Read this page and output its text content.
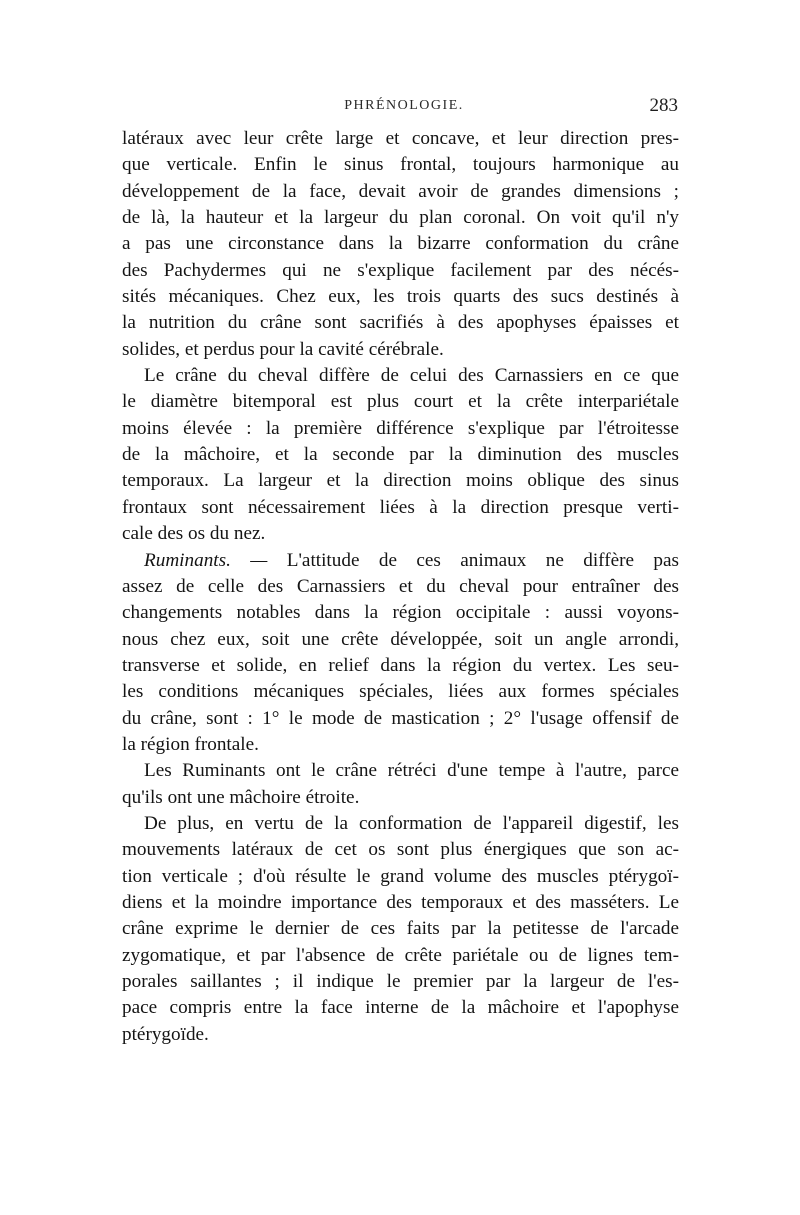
PHRÉNOLOGIE.	283
latéraux avec leur crête large et concave, et leur direction pres-
que verticale. Enfin le sinus frontal, toujours harmonique au
développement de la face, devait avoir de grandes dimensions ;
de là, la hauteur et la largeur du plan coronal. On voit qu'il n'y
a pas une circonstance dans la bizarre conformation du crâne
des Pachydermes qui ne s'explique facilement par des nécés-
sités mécaniques. Chez eux, les trois quarts des sucs destinés à
la nutrition du crâne sont sacrifiés à des apophyses épaisses et
solides, et perdus pour la cavité cérébrale.
Le crâne du cheval diffère de celui des Carnassiers en ce que
le diamètre bitemporal est plus court et la crête interpariétale
moins élevée : la première différence s'explique par l'étroitesse
de la mâchoire, et la seconde par la diminution des muscles
temporaux. La largeur et la direction moins oblique des sinus
frontaux sont nécessairement liées à la direction presque verti-
cale des os du nez.
Ruminants. — L'attitude de ces animaux ne diffère pas
assez de celle des Carnassiers et du cheval pour entraîner des
changements notables dans la région occipitale : aussi voyons-
nous chez eux, soit une crête développée, soit un angle arrondi,
transverse et solide, en relief dans la région du vertex. Les seu-
les conditions mécaniques spéciales, liées aux formes spéciales
du crâne, sont : 1° le mode de mastication ; 2° l'usage offensif de
la région frontale.
Les Ruminants ont le crâne rétréci d'une tempe à l'autre, parce
qu'ils ont une mâchoire étroite.
De plus, en vertu de la conformation de l'appareil digestif, les
mouvements latéraux de cet os sont plus énergiques que son ac-
tion verticale ; d'où résulte le grand volume des muscles ptérygoï-
diens et la moindre importance des temporaux et des masséters. Le
crâne exprime le dernier de ces faits par la petitesse de l'arcade
zygomatique, et par l'absence de crête pariétale ou de lignes tem-
porales saillantes ; il indique le premier par la largeur de l'es-
pace compris entre la face interne de la mâchoire et l'apophyse
ptérygoïde.
